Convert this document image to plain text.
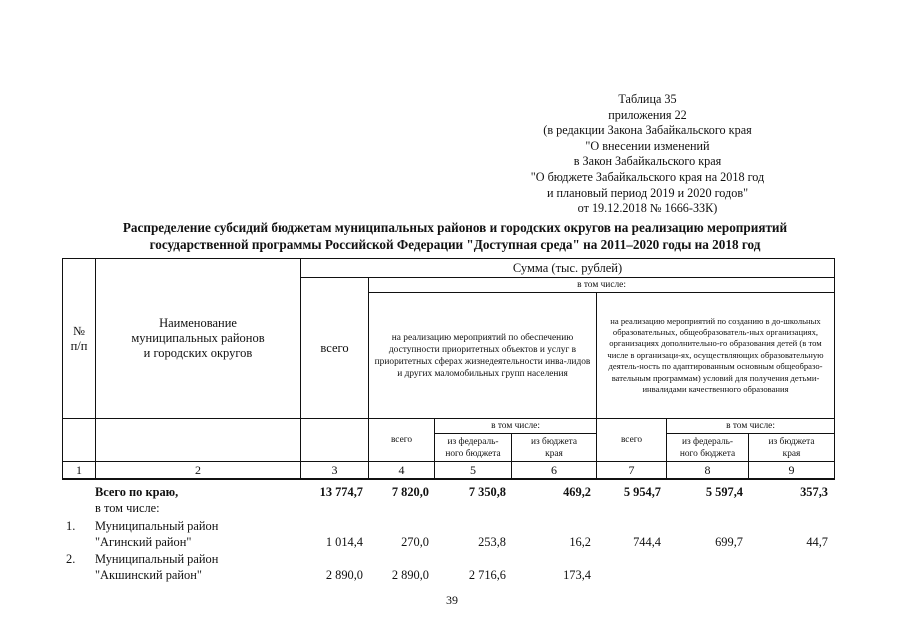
Таблица 35
приложения 22
(в редакции Закона Забайкальского края
"О внесении изменений
в Закон Забайкальского края
"О бюджете Забайкальского края на 2018 год
и плановый период 2019 и 2020 годов"
от 19.12.2018 № 1666-ЗЗК)
Распределение субсидий бюджетам муниципальных районов и городских округов на реализацию мероприятий
государственной программы Российской Федерации "Доступная среда" на 2011–2020 годы на 2018 год
№
п/п	Наименование
муниципальных районов
и городских округов	Сумма (тыс. рублей)						
		всего	в том числе:					
			на реализацию мероприятий по обеспечению доступности приоритетных объектов и услуг в приоритетных сферах жизнедеятельности инва-лидов и других маломобильных групп населения			на реализацию мероприятий по созданию в до-школьных образовательных, общеобразователь-ных организациях, организациях дополнительно-го образования детей (в том числе в организаци-ях, осуществляющих образовательную деятель-ность по адаптированным основным общеобразо-вательным программам) условий для получения детьми-инвалидами качественного образования		

			всего	в том числе:		всего	в том числе:	
				из федераль-
ного бюджета	из бюджета
края		из федераль-
ного бюджета	из бюджета
края
1	2	3	4	5	6	7	8	9
Всего по краю,	13 774,7	7 820,0	7 350,8	469,2	5 954,7	5 597,4	357,3
в том числе:
1. Муниципальный район
"Агинский район"	1 014,4	270,0	253,8	16,2	744,4	699,7	44,7
2. Муниципальный район
"Акшинский район"	2 890,0	2 890,0	2 716,6	173,4
39
